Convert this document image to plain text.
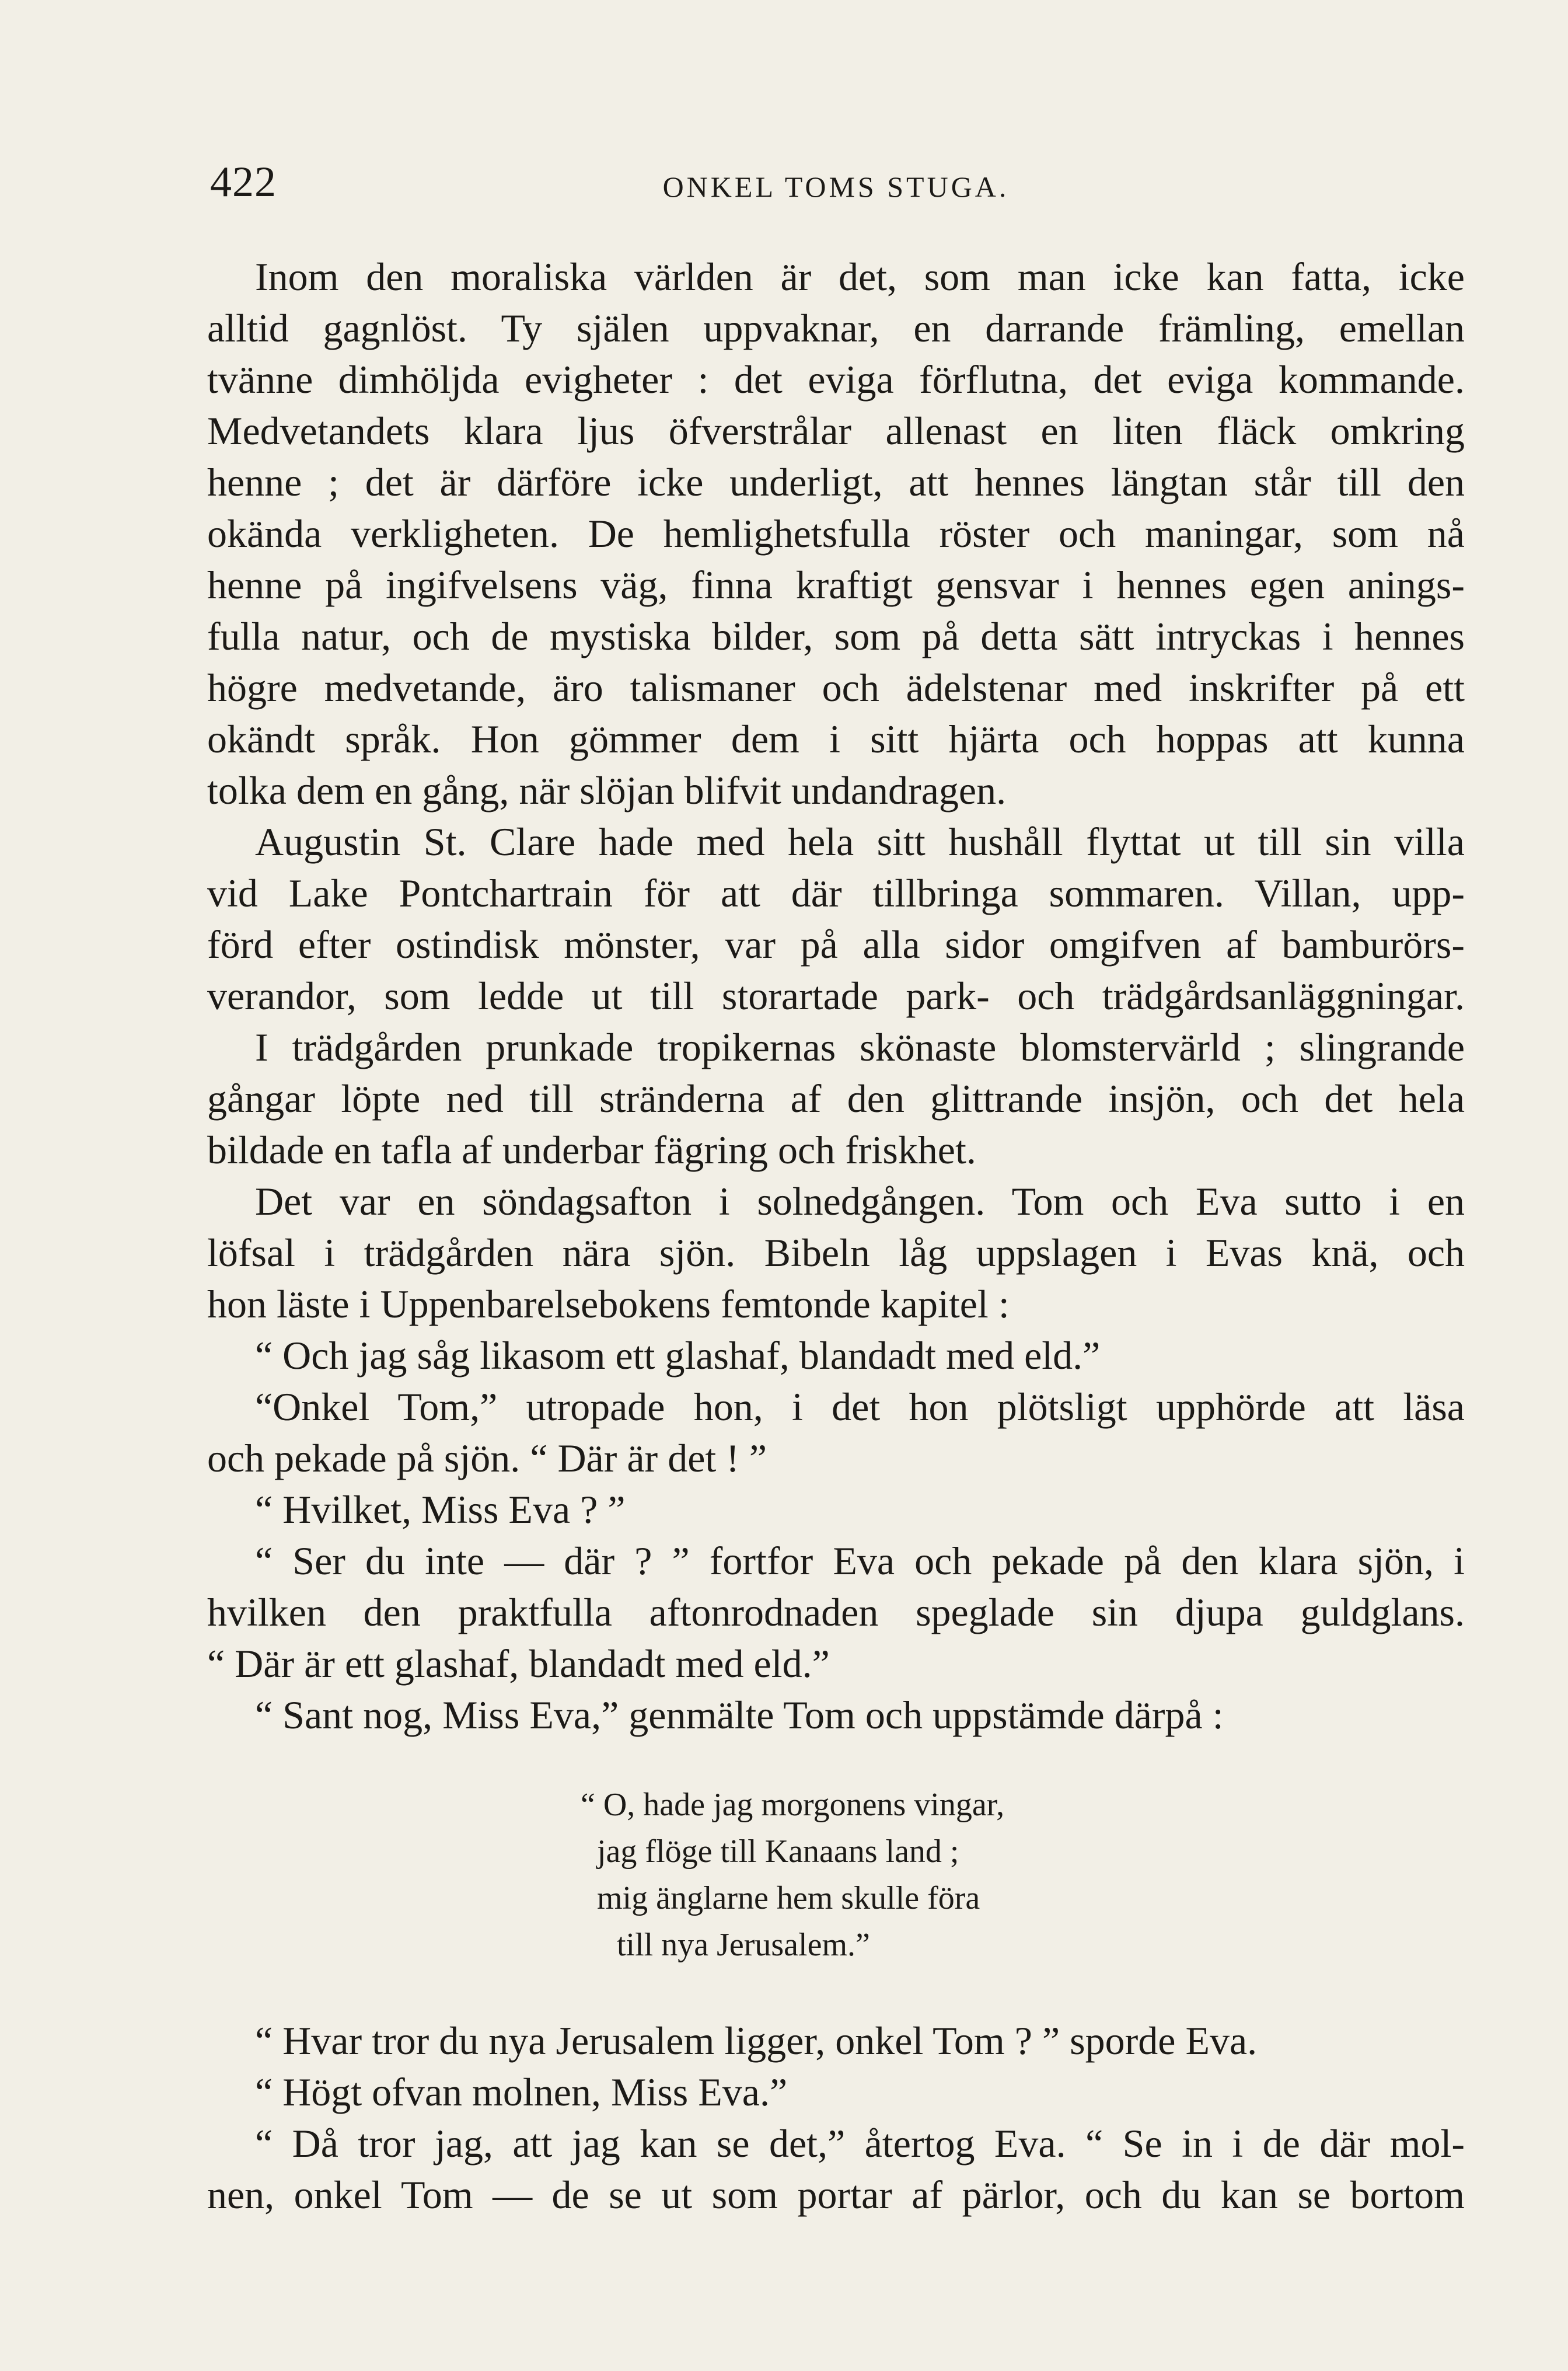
422	ONKEL TOMS STUGA.
Inom den moraliska världen är det, som man icke kan fatta, icke
alltid gagnlöst. Ty själen uppvaknar, en darrande främling, emellan
tvänne dimhöljda evigheter : det eviga förflutna, det eviga kommande.
Medvetandets klara ljus öfverstrålar allenast en liten fläck omkring
henne ; det är därföre icke underligt, att hennes längtan står till den
okända verkligheten. De hemlighetsfulla röster och maningar, som nå
henne på ingifvelsens väg, finna kraftigt gensvar i hennes egen anings-
fulla natur, och de mystiska bilder, som på detta sätt intryckas i hennes
högre medvetande, äro talismaner och ädelstenar med inskrifter på ett
okändt språk. Hon gömmer dem i sitt hjärta och hoppas att kunna
tolka dem en gång, när slöjan blifvit undandragen.
Augustin St. Clare hade med hela sitt hushåll flyttat ut till sin villa
vid Lake Pontchartrain för att där tillbringa sommaren. Villan, upp-
förd efter ostindisk mönster, var på alla sidor omgifven af bamburörs-
verandor, som ledde ut till storartade park- och trädgårdsanläggningar.
I trädgården prunkade tropikernas skönaste blomstervärld ; slingrande
gångar löpte ned till stränderna af den glittrande insjön, och det hela
bildade en tafla af underbar fägring och friskhet.
Det var en söndagsafton i solnedgången. Tom och Eva sutto i en
löfsal i trädgården nära sjön. Bibeln låg uppslagen i Evas knä, och
hon läste i Uppenbarelsebokens femtonde kapitel :
“ Och jag såg likasom ett glashaf, blandadt med eld.”
“Onkel Tom,” utropade hon, i det hon plötsligt upphörde att läsa
och pekade på sjön. “ Där är det ! ”
“ Hvilket, Miss Eva ? ”
“ Ser du inte — där ? ” fortfor Eva och pekade på den klara sjön, i
hvilken den praktfulla aftonrodnaden speglade sin djupa guldglans.
“ Där är ett glashaf, blandadt med eld.”
“ Sant nog, Miss Eva,” genmälte Tom och uppstämde därpå :
“ O, hade jag morgonens vingar,
jag flöge till Kanaans land ;
mig änglarne hem skulle föra
till nya Jerusalem.”
“ Hvar tror du nya Jerusalem ligger, onkel Tom ? ” sporde Eva.
“ Högt ofvan molnen, Miss Eva.”
“ Då tror jag, att jag kan se det,” återtog Eva. “ Se in i de där mol-
nen, onkel Tom — de se ut som portar af pärlor, och du kan se bortom
